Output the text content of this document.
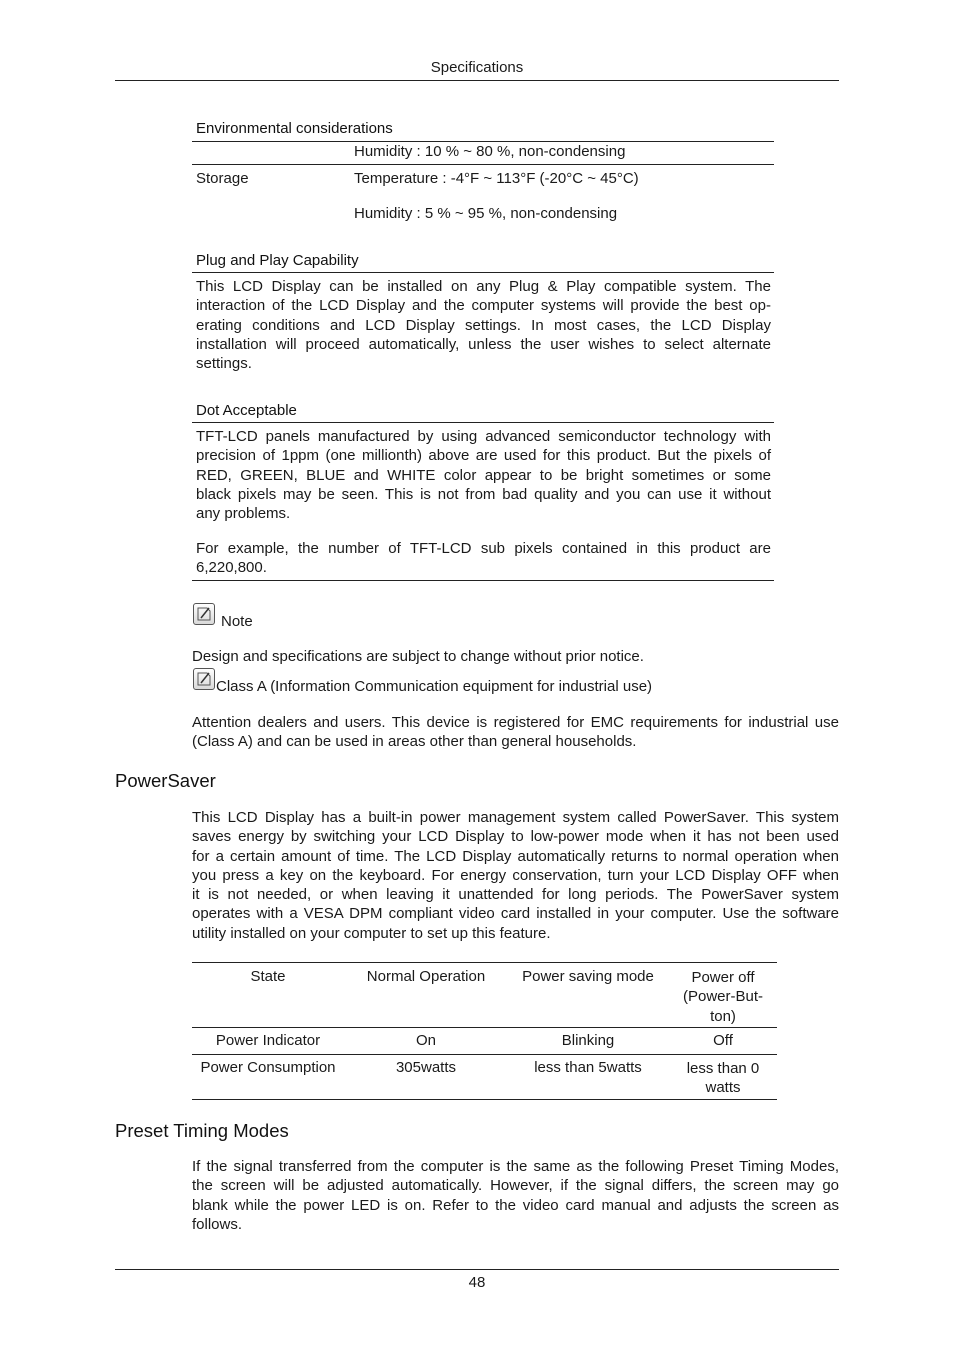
Specifications
Environmental considerations
Humidity : 10 % ~ 80 %, non-condensing
Storage	Temperature : -4°F ~ 113°F (-20°C ~ 45°C)
Humidity : 5 % ~ 95 %, non-condensing
Plug and Play Capability
This LCD Display can be installed on any Plug & Play compatible system. The
interaction of the LCD Display and the computer systems will provide the best op-
erating conditions and LCD Display settings. In most cases, the LCD Display
installation will proceed automatically, unless the user wishes to select alternate
settings.
Dot Acceptable
TFT-LCD panels manufactured by using advanced semiconductor technology with
precision of 1ppm (one millionth) above are used for this product. But the pixels of
RED, GREEN, BLUE and WHITE color appear to be bright sometimes or some
black pixels may be seen. This is not from bad quality and you can use it without
any problems.
For example, the number of TFT-LCD sub pixels contained in this product are
6,220,800.
Note
Design and specifications are subject to change without prior notice.
Class A (Information Communication equipment for industrial use)
Attention dealers and users. This device is registered for EMC requirements for industrial use
(Class A) and can be used in areas other than general households.
PowerSaver
This LCD Display has a built-in power management system called PowerSaver. This system
saves energy by switching your LCD Display to low-power mode when it has not been used
for a certain amount of time. The LCD Display automatically returns to normal operation when
you press a key on the keyboard. For energy conservation, turn your LCD Display OFF when
it is not needed, or when leaving it unattended for long periods. The PowerSaver system
operates with a VESA DPM compliant video card installed in your computer. Use the software
utility installed on your computer to set up this feature.
State	Normal Operation	Power saving mode	Power off
(Power-But-
ton)
Power Indicator	On	Blinking	Off
Power Consumption	305watts	less than 5watts	less than 0
watts
Preset Timing Modes
If the signal transferred from the computer is the same as the following Preset Timing Modes,
the screen will be adjusted automatically. However, if the signal differs, the screen may go
blank while the power LED is on. Refer to the video card manual and adjusts the screen as
follows.
48
